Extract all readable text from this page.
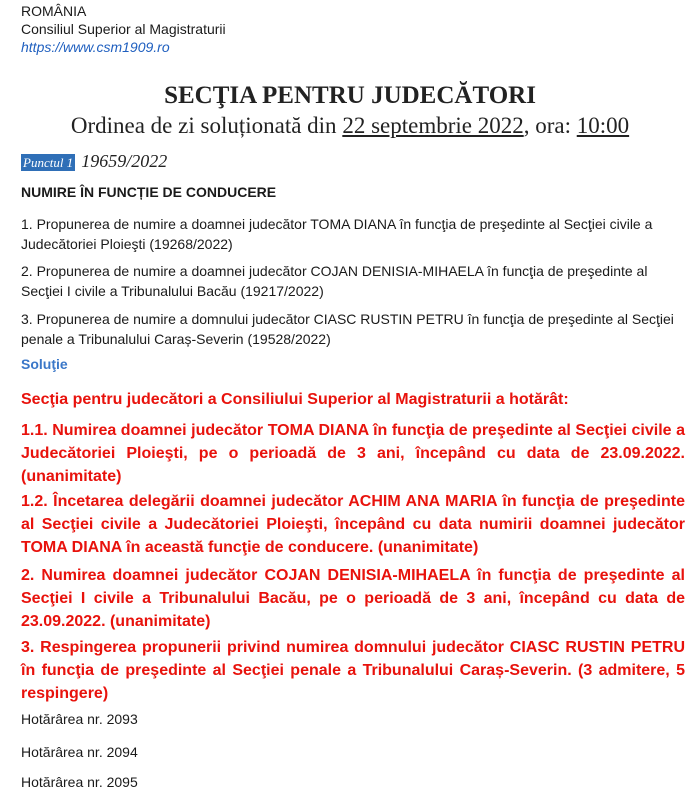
ROMÂNIA
Consiliul Superior al Magistraturii
https://www.csm1909.ro
SECŢIA PENTRU JUDECĂTORI
Ordinea de zi soluționată din 22 septembrie 2022, ora: 10:00
Punctul 1 19659/2022
NUMIRE ÎN FUNCȚIE DE CONDUCERE
1. Propunerea de numire a doamnei judecător TOMA DIANA în funcţia de preşedinte al Secţiei civile a Judecătoriei Ploieşti (19268/2022)
2. Propunerea de numire a doamnei judecător COJAN DENISIA-MIHAELA în funcţia de preşedinte al Secţiei I civile a Tribunalului Bacău (19217/2022)
3. Propunerea de numire a domnului judecător CIASC RUSTIN PETRU în funcţia de preşedinte al Secţiei penale a Tribunalului Caraș-Severin (19528/2022)
Soluţie
Secţia pentru judecători a Consiliului Superior al Magistraturii a hotărât:
1.1. Numirea doamnei judecător TOMA DIANA în funcţia de preşedinte al Secţiei civile a Judecătoriei Ploieşti, pe o perioadă de 3 ani, începând cu data de 23.09.2022. (unanimitate)
1.2. Încetarea delegării doamnei judecător ACHIM ANA MARIA în funcţia de preşedinte al Secţiei civile a Judecătoriei Ploieşti, începând cu data numirii doamnei judecător TOMA DIANA în această funcţie de conducere. (unanimitate)
2. Numirea doamnei judecător COJAN DENISIA-MIHAELA în funcţia de preşedinte al Secţiei I civile a Tribunalului Bacău, pe o perioadă de 3 ani, începând cu data de 23.09.2022. (unanimitate)
3. Respingerea propunerii privind numirea domnului judecător CIASC RUSTIN PETRU în funcţia de preşedinte al Secţiei penale a Tribunalului Caraș-Severin. (3 admitere, 5 respingere)
Hotărârea nr. 2093
Hotărârea nr. 2094
Hotărârea nr. 2095
